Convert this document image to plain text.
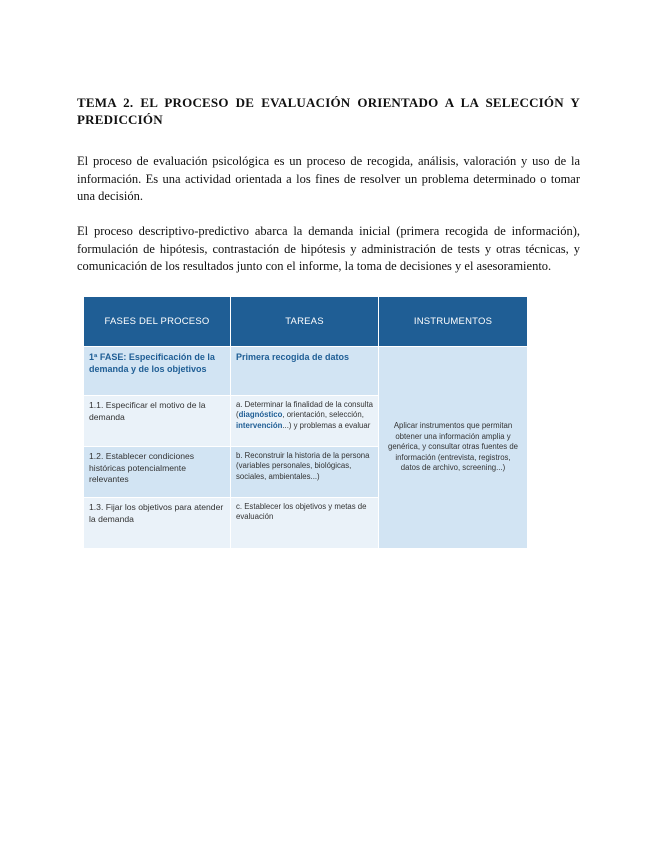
TEMA 2. EL PROCESO DE EVALUACIÓN ORIENTADO A LA SELECCIÓN Y PREDICCIÓN
El proceso de evaluación psicológica es un proceso de recogida, análisis, valoración y uso de la información. Es una actividad orientada a los fines de resolver un problema determinado o tomar una decisión.
El proceso descriptivo-predictivo abarca la demanda inicial (primera recogida de información), formulación de hipótesis, contrastación de hipótesis y administración de tests y otras técnicas, y comunicación de los resultados junto con el informe, la toma de decisiones y el asesoramiento.
FASES DEL PROCESO	TAREAS	INSTRUMENTOS
1ª FASE: Especificación de la demanda y de los objetivos
Primera recogida de datos
1.1. Especificar el motivo de la demanda
a. Determinar la finalidad de la consulta (diagnóstico, orientación, selección, intervención...) y problemas a evaluar
1.2. Establecer condiciones históricas potencialmente relevantes
b. Reconstruir la historia de la persona (variables personales, biológicas, sociales, ambientales...)
1.3. Fijar los objetivos para atender la demanda
c. Establecer los objetivos y metas de evaluación
Aplicar instrumentos que permitan obtener una información amplia y genérica, y consultar otras fuentes de información (entrevista, registros, datos de archivo, screening...)
